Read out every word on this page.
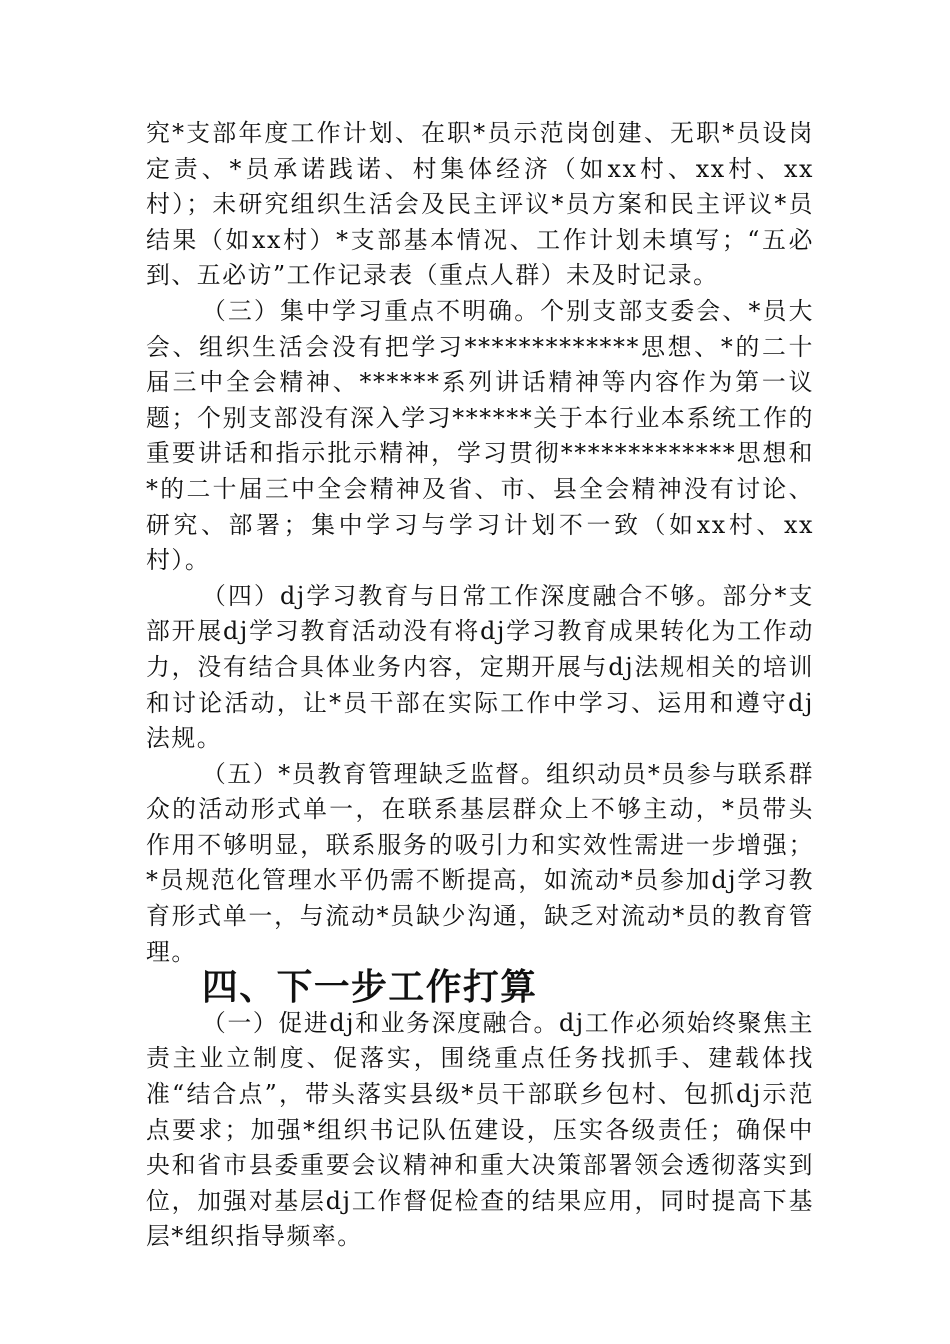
究*支部年度工作计划、在职*员示范岗创建、无职*员设岗定责、*员承诺践诺、村集体经济（如xx村、xx村、xx村）；未研究组织生活会及民主评议*员方案和民主评议*员结果（如xx村）*支部基本情况、工作计划未填写；“五必到、五必访”工作记录表（重点人群）未及时记录。

（三）集中学习重点不明确。个别支部支委会、*员大会、组织生活会没有把学习*************思想、*的二十届三中全会精神、******系列讲话精神等内容作为第一议题；个别支部没有深入学习******关于本行业本系统工作的重要讲话和指示批示精神，学习贯彻*************思想和*的二十届三中全会精神及省、市、县全会精神没有讨论、研究、部署；集中学习与学习计划不一致（如xx村、xx村）。

（四）dj学习教育与日常工作深度融合不够。部分*支部开展dj学习教育活动没有将dj学习教育成果转化为工作动力，没有结合具体业务内容，定期开展与dj法规相关的培训和讨论活动，让*员干部在实际工作中学习、运用和遵守dj法规。

（五）*员教育管理缺乏监督。组织动员*员参与联系群众的活动形式单一，在联系基层群众上不够主动，*员带头作用不够明显，联系服务的吸引力和实效性需进一步增强；*员规范化管理水平仍需不断提高，如流动*员参加dj学习教育形式单一，与流动*员缺少沟通，缺乏对流动*员的教育管理。

四、下一步工作打算

（一）促进dj和业务深度融合。dj工作必须始终聚焦主责主业立制度、促落实，围绕重点任务找抓手、建载体找准“结合点”，带头落实县级*员干部联乡包村、包抓dj示范点要求；加强*组织书记队伍建设，压实各级责任；确保中央和省市县委重要会议精神和重大决策部署领会透彻落实到位，加强对基层dj工作督促检查的结果应用，同时提高下基层*组织指导频率。
